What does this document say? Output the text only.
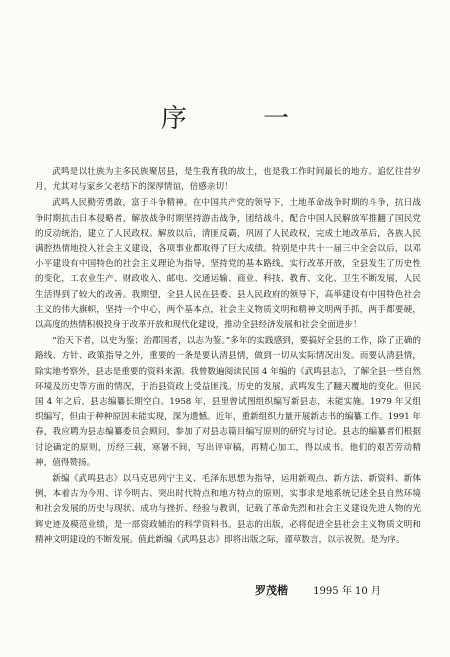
序 一

武鸣是以壮族为主多民族聚居县，是生我育我的故土，也是我工作时间最长的地方。追忆往昔岁月，尤其对与家乡父老结下的深厚情谊，倍感亲切！

武鸣人民勤劳勇敢，富于斗争精神。在中国共产党的领导下，土地革命战争时期的斗争，抗日战争时期抗击日本侵略者，解放战争时期坚持游击战争，团结战斗，配合中国人民解放军推翻了国民党的反动统治，建立了人民政权。解放以后，清匪反霸，巩固了人民政权，完成土地改革后，各族人民满腔热情地投入社会主义建设，各项事业都取得了巨大成绩。特别是中共十一届三中全会以后，以邓小平建设有中国特色的社会主义理论为指导，坚持党的基本路线，实行改革开放，全县发生了历史性的变化，工农业生产、财政收入、邮电、交通运输、商业、科技、教育、文化、卫生不断发展，人民生活得到了较大的改善。我期望，全县人民在县委、县人民政府的领导下，高举建设有中国特色社会主义的伟大旗帜，坚持一个中心，两个基本点，社会主义物质文明和精神文明两手抓，两手都要硬，以高度的热情积极投身于改革开放和现代化建设，推动全县经济发展和社会全面进步！

“治天下者，以史为鉴；治郡国者，以志为鉴。”多年的实践感到，要搞好全县的工作，除了正确的路线、方针、政策指导之外，重要的一条是要认清县情，做到一切从实际情况出发。而要认清县情，除实地考察外，县志是重要的资料来源。我曾数遍阅读民国 4 年编的《武鸣县志》，了解全县一些自然环境及历史等方面的情况，于治县资政上受益匪浅。历史的发展，武鸣发生了翻天覆地的变化。但民国 4 年之后，县志编纂长期空白。1958 年，县里曾试图组织编写新县志，未能实施。1979 年又组织编写，但由于种种原因未能实现，深为遗憾。近年，重新组织力量开展新志书的编纂工作。1991 年春，我应聘为县志编纂委员会顾问，参加了对县志篇目编写原则的研究与讨论。县志的编纂者们根据讨论确定的原则，历经三载，寒暑不间，写出评审稿，再精心加工，得以成书。他们的艰苦劳动精神，值得赞扬。

新编《武鸣县志》以马克思列宁主义、毛泽东思想为指导，运用新观点、新方法、新资料、新体例，本着古为今用、详今明古、突出时代特点和地方特点的原则，实事求是地系统记述全县自然环境和社会发展的历史与现状、成功与挫折、经验与教训，记载了革命先烈和社会主义建设先进人物的光辉史迹及模范业绩，是一部资政辅治的科学资料书。县志的出版，必将促进全县社会主义物质文明和精神文明建设的不断发展。值此新编《武鸣县志》即将出版之际，谨草数言，以示祝贺。是为序。

罗茂楷	1995 年 10 月
